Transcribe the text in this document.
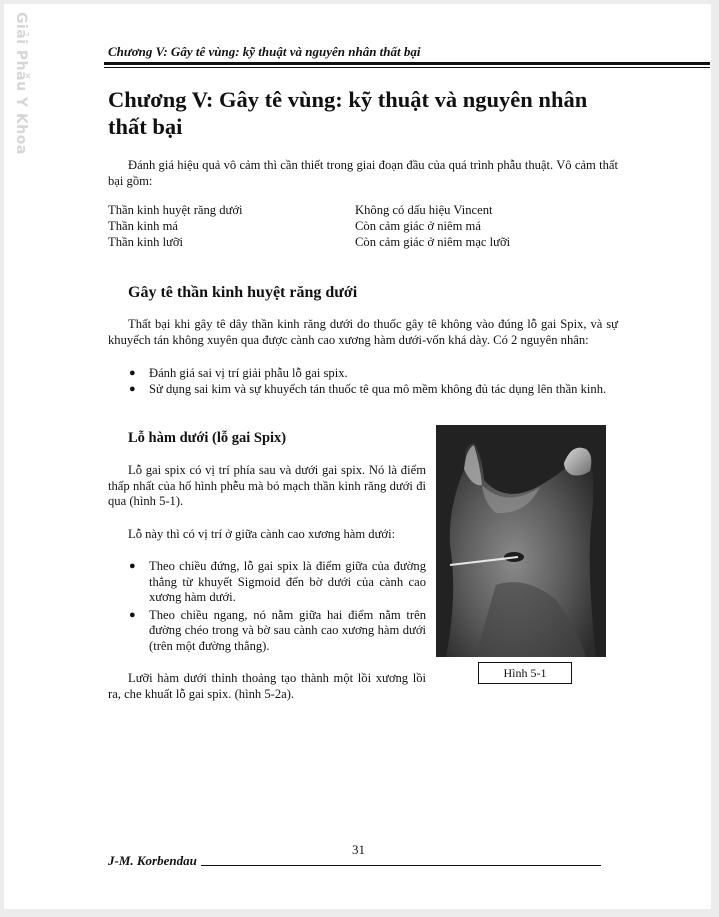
Giải Phẫu Y Khoa	Chương V: Gây tê vùng: kỹ thuật và nguyên nhân thất bại
Chương V: Gây tê vùng: kỹ thuật và nguyên nhân thất bại

Đánh giá hiệu quả vô cảm thì cần thiết trong giai đoạn đầu của quá trình phẫu thuật. Vô cảm thất bại gồm:

Thần kinh huyệt răng dưới	Không có dấu hiệu Vincent
Thần kinh má	Còn cảm giác ở niêm má
Thần kinh lưỡi	Còn cảm giác ở niêm mạc lưỡi
Gây tê thần kinh huyệt răng dưới

Thất bại khi gây tê dây thần kinh răng dưới do thuốc gây tê không vào đúng lỗ gai Spix, và sự khuyếch tán không xuyên qua được cành cao xương hàm dưới-vốn khá dày. Có 2 nguyên nhân:

● Đánh giá sai vị trí giải phẫu lỗ gai spix.
● Sử dụng sai kim và sự khuyếch tán thuốc tê qua mô mềm không đủ tác dụng lên thần kinh.
Lỗ hàm dưới (lỗ gai Spix)

Lỗ gai spix có vị trí phía sau và dưới gai spix. Nó là điểm thấp nhất của hố hình phễu mà bó mạch thần kinh răng dưới đi qua (hình 5-1).

Lỗ này thì có vị trí ở giữa cành cao xương hàm dưới:

● Theo chiều đứng, lỗ gai spix là điểm giữa của đường thẳng từ khuyết Sigmoid đến bờ dưới của cành cao xương hàm dưới.
● Theo chiều ngang, nó nằm giữa hai điểm nằm trên đường chéo trong và bờ sau cành cao xương hàm dưới (trên một đường thẳng).

Lưỡi hàm dưới thỉnh thoảng tạo thành một lồi xương lồi ra, che khuất lỗ gai spix. (hình 5-2a).

Hình 5-1
31
J-M. Korbendau
